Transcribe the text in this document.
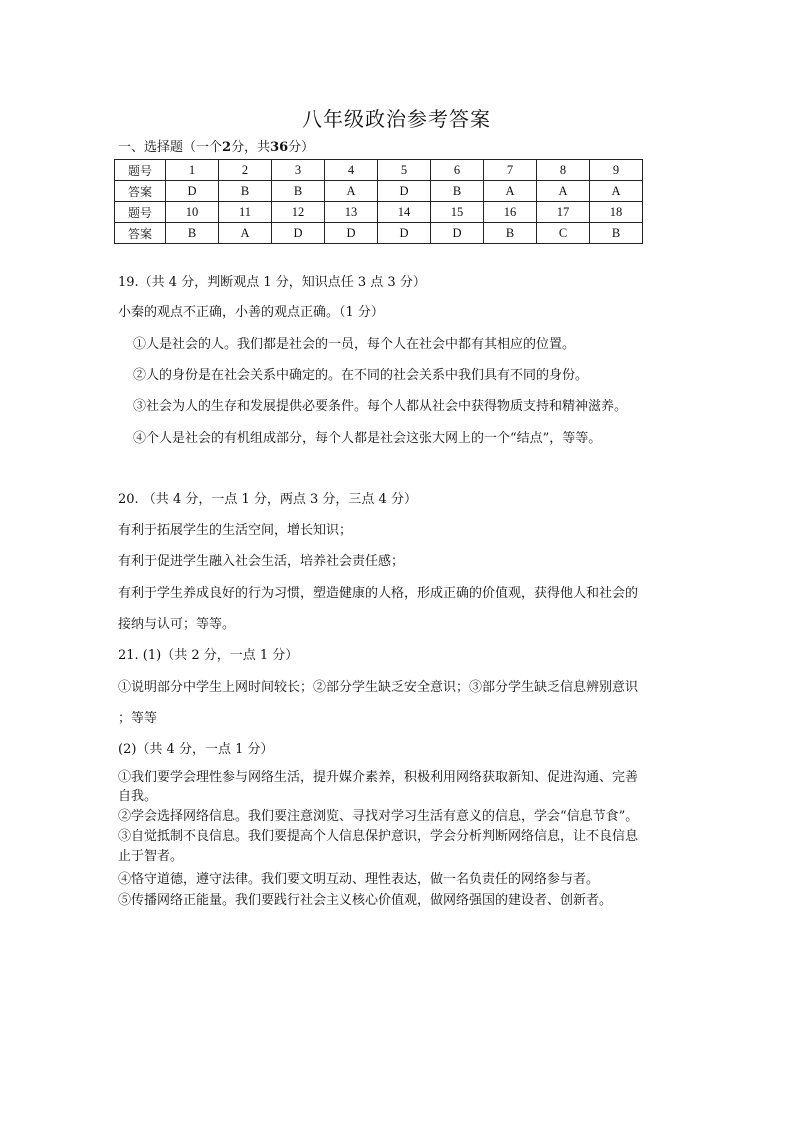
八年级政治参考答案
一、选择题（一个2分，共36分）
题号	1	2	3	4	5	6	7	8	9
答案	D	B	B	A	D	B	A	A	A
题号	10	11	12	13	14	15	16	17	18
答案	B	A	D	D	D	D	B	C	B
19.（共 4 分，判断观点 1 分，知识点任 3 点 3 分）
小秦的观点不正确，小善的观点正确。（1 分）
①人是社会的人。我们都是社会的一员，每个人在社会中都有其相应的位置。
②人的身份是在社会关系中确定的。在不同的社会关系中我们具有不同的身份。
③社会为人的生存和发展提供必要条件。每个人都从社会中获得物质支持和精神滋养。
④个人是社会的有机组成部分，每个人都是社会这张大网上的一个“结点”，等等。
20. （共 4 分，一点 1 分，两点 3 分，三点 4 分）
有利于拓展学生的生活空间，增长知识；
有利于促进学生融入社会生活，培养社会责任感；
有利于学生养成良好的行为习惯，塑造健康的人格，形成正确的价值观，获得他人和社会的
接纳与认可；等等。
21. (1)（共 2 分，一点 1 分）
①说明部分中学生上网时间较长；②部分学生缺乏安全意识；③部分学生缺乏信息辨别意识
；等等
(2)（共 4 分，一点 1 分）
①我们要学会理性参与网络生活，提升媒介素养，积极利用网络获取新知、促进沟通、完善
自我。
②学会选择网络信息。我们要注意浏览、寻找对学习生活有意义的信息，学会“信息节食”。
③自觉抵制不良信息。我们要提高个人信息保护意识，学会分析判断网络信息，让不良信息
止于智者。
④恪守道德，遵守法律。我们要文明互动、理性表达，做一名负责任的网络参与者。
⑤传播网络正能量。我们要践行社会主义核心价值观，做网络强国的建设者、创新者。
